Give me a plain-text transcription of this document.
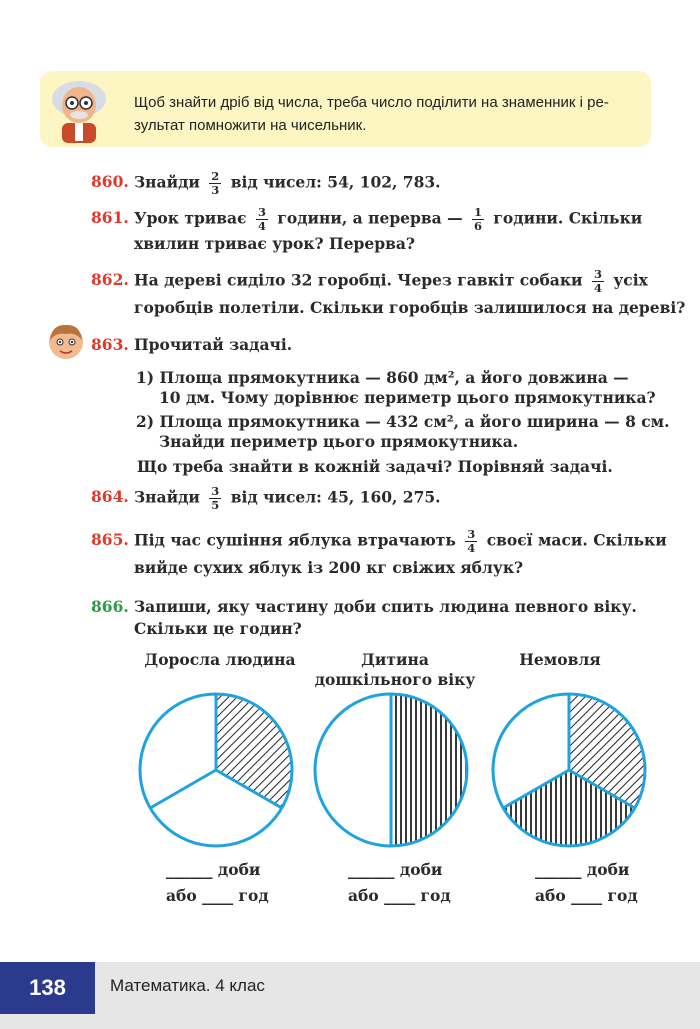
Щоб знайти дріб від числа, треба число поділити на знаменник і ре-
зультат помножити на чисельник.
860. Знайди $\frac{2}{3}$ від чисел: 54, 102, 783.
861. Урок триває $\frac{3}{4}$ години, а перерва — $\frac{1}{6}$ години. Скільки
хвилин триває урок? Перерва?
862. На дереві сиділо 32 горобці. Через гавкіт собаки $\frac{3}{4}$ усіх
горобців полетіли. Скільки горобців залишилося на дереві?
863. Прочитай задачі.
1) Площа прямокутника — 860 дм², а його довжина —
10 дм. Чому дорівнює периметр цього прямокутника?
2) Площа прямокутника — 432 см², а його ширина — 8 см.
Знайди периметр цього прямокутника.
Що треба знайти в кожній задачі? Порівняй задачі.
864. Знайди $\frac{3}{5}$ від чисел: 45, 160, 275.
865. Під час сушіння яблука втрачають $\frac{3}{4}$ своєї маси. Скільки
вийде сухих яблук із 200 кг свіжих яблук?
866. Запиши, яку частину доби спить людина певного віку.
Скільки це годин?
Доросла людина	Дитина
дошкільного віку
Немовля
______ доби
або ____ год
______ доби
або ____ год
______ доби
або ____ год
138	Математика. 4 клас
